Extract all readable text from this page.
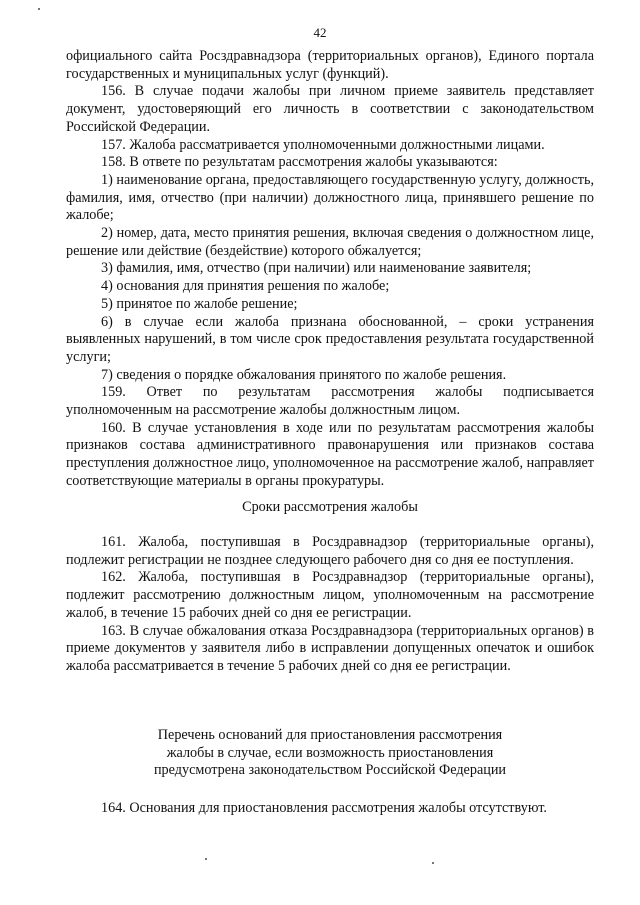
42

официального сайта Росздравнадзора (территориальных органов), Единого портала государственных и муниципальных услуг (функций).

156. В случае подачи жалобы при личном приеме заявитель представляет документ, удостоверяющий его личность в соответствии с законодательством Российской Федерации.

157. Жалоба рассматривается уполномоченными должностными лицами.

158. В ответе по результатам рассмотрения жалобы указываются:

1) наименование органа, предоставляющего государственную услугу, должность, фамилия, имя, отчество (при наличии) должностного лица, принявшего решение по жалобе;

2) номер, дата, место принятия решения, включая сведения о должностном лице, решение или действие (бездействие) которого обжалуется;

3) фамилия, имя, отчество (при наличии) или наименование заявителя;

4) основания для принятия решения по жалобе;

5) принятое по жалобе решение;

6) в случае если жалоба признана обоснованной, – сроки устранения выявленных нарушений, в том числе срок предоставления результата государственной услуги;

7) сведения о порядке обжалования принятого по жалобе решения.

159. Ответ по результатам рассмотрения жалобы подписывается уполномоченным на рассмотрение жалобы должностным лицом.

160. В случае установления в ходе или по результатам рассмотрения жалобы признаков состава административного правонарушения или признаков состава преступления должностное лицо, уполномоченное на рассмотрение жалоб, направляет соответствующие материалы в органы прокуратуры.

Сроки рассмотрения жалобы

161. Жалоба, поступившая в Росздравнадзор (территориальные органы), подлежит регистрации не позднее следующего рабочего дня со дня ее поступления.

162. Жалоба, поступившая в Росздравнадзор (территориальные органы), подлежит рассмотрению должностным лицом, уполномоченным на рассмотрение жалоб, в течение 15 рабочих дней со дня ее регистрации.

163. В случае обжалования отказа Росздравнадзора (территориальных органов) в приеме документов у заявителя либо в исправлении допущенных опечаток и ошибок жалоба рассматривается в течение 5 рабочих дней со дня ее регистрации.

Перечень оснований для приостановления рассмотрения

жалобы в случае, если возможность приостановления

предусмотрена законодательством Российской Федерации

164. Основания для приостановления рассмотрения жалобы отсутствуют.
